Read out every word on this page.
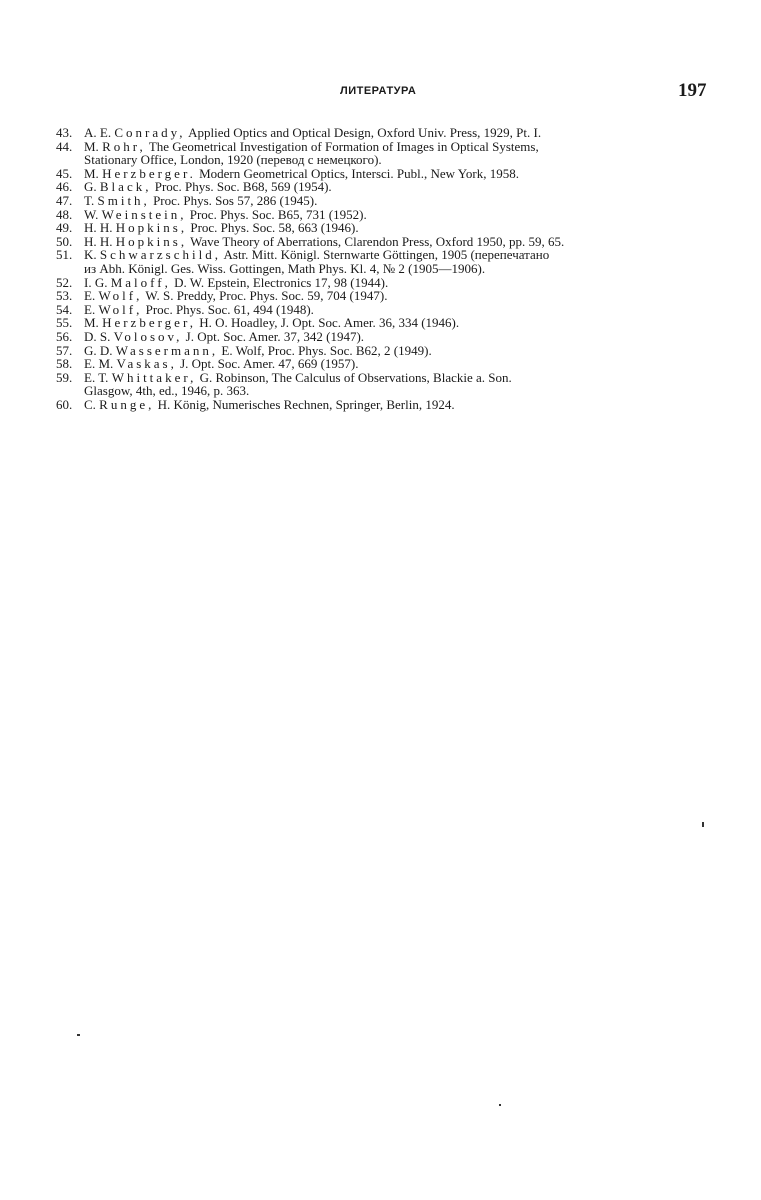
ЛИТЕРАТУРА	197
43. A. E. Conrady, Applied Optics and Optical Design, Oxford Univ. Press, 1929, Pt. I.
44. M. Rohr, The Geometrical Investigation of Formation of Images in Optical Systems,
Stationary Office, London, 1920 (перевод с немецкого).
45. M. Herzberger. Modern Geometrical Optics, Intersci. Publ., New York, 1958.
46. G. Black, Proc. Phys. Soc. B68, 569 (1954).
47. T. Smith, Proc. Phys. Sos 57, 286 (1945).
48. W. Weinstein, Proc. Phys. Soc. B65, 731 (1952).
49. H. H. Hopkins, Proc. Phys. Soc. 58, 663 (1946).
50. H. H. Hopkins, Wave Theory of Aberrations, Clarendon Press, Oxford 1950, pp. 59, 65.
51. K. Schwarzschild, Astr. Mitt. Königl. Sternwarte Göttingen, 1905 (перепечатано
из Abh. Königl. Ges. Wiss. Gottingen, Math Phys. Kl. 4, № 2 (1905—1906).
52. I. G. Maloff, D. W. Epstein, Electronics 17, 98 (1944).
53. E. Wolf, W. S. Preddy, Proc. Phys. Soc. 59, 704 (1947).
54. E. Wolf, Proc. Phys. Soc. 61, 494 (1948).
55. M. Herzberger, H. O. Hoadley, J. Opt. Soc. Amer. 36, 334 (1946).
56. D. S. Volosov, J. Opt. Soc. Amer. 37, 342 (1947).
57. G. D. Wassermann, E. Wolf, Proc. Phys. Soc. B62, 2 (1949).
58. E. M. Vaskas, J. Opt. Soc. Amer. 47, 669 (1957).
59. E. T. Whittaker, G. Robinson, The Calculus of Observations, Blackie a. Son.
Glasgow, 4th, ed., 1946, p. 363.
60. C. Runge, H. König, Numerisches Rechnen, Springer, Berlin, 1924.
